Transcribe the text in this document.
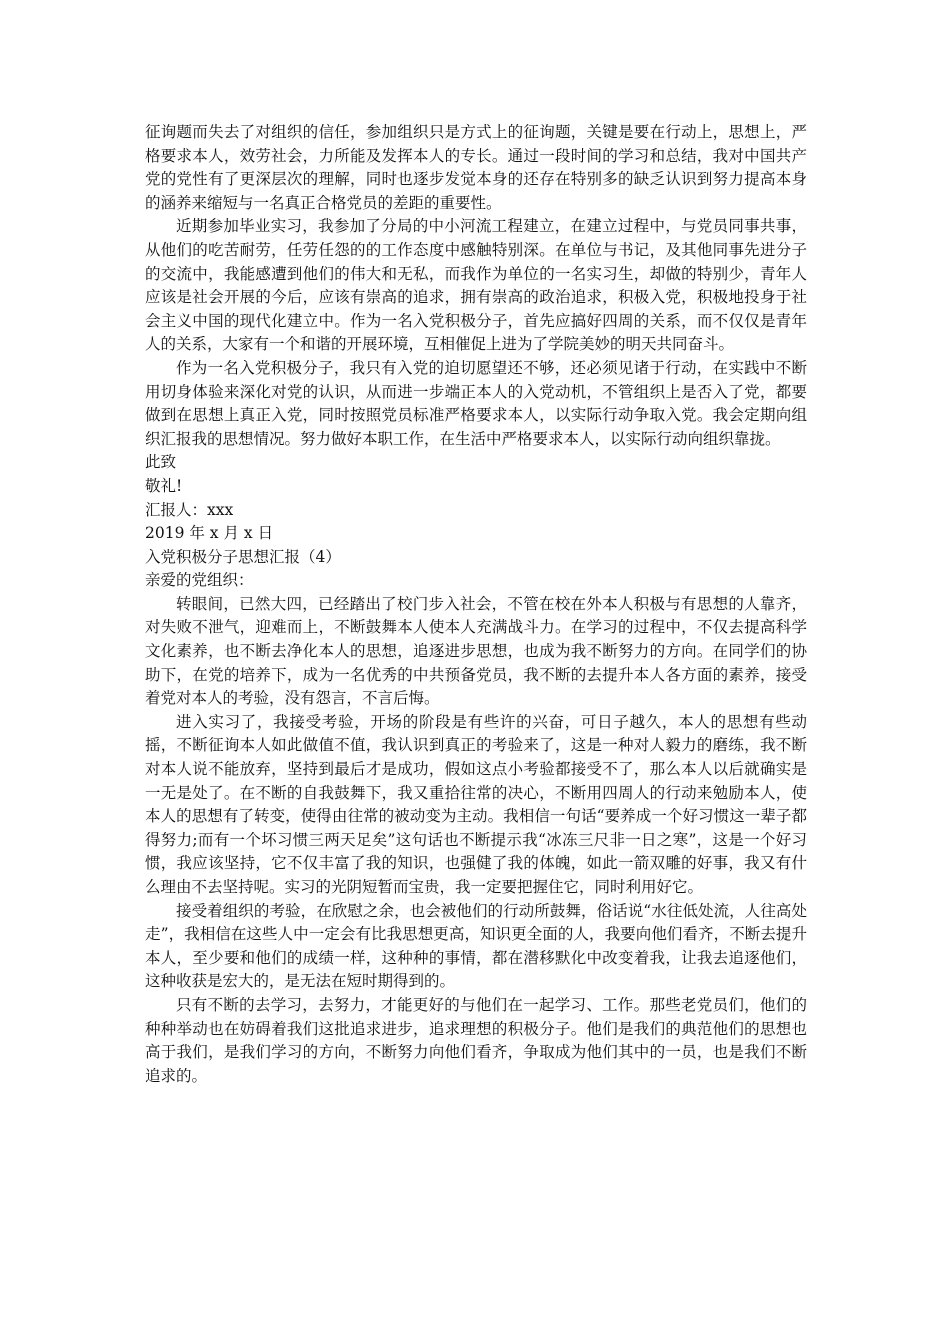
征询题而失去了对组织的信任，参加组织只是方式上的征询题，关键是要在行动上，思想上，严格要求本人，效劳社会，力所能及发挥本人的专长。通过一段时间的学习和总结，我对中国共产党的党性有了更深层次的理解，同时也逐步发觉本身的还存在特别多的缺乏认识到努力提高本身的涵养来缩短与一名真正合格党员的差距的重要性。

近期参加毕业实习，我参加了分局的中小河流工程建立，在建立过程中，与党员同事共事，从他们的吃苦耐劳，任劳任怨的的工作态度中感触特别深。在单位与书记，及其他同事先进分子的交流中，我能感遭到他们的伟大和无私，而我作为单位的一名实习生，却做的特别少，青年人应该是社会开展的今后，应该有崇高的追求，拥有崇高的政治追求，积极入党，积极地投身于社会主义中国的现代化建立中。作为一名入党积极分子，首先应搞好四周的关系，而不仅仅是青年人的关系，大家有一个和谐的开展环境，互相催促上进为了学院美妙的明天共同奋斗。

作为一名入党积极分子，我只有入党的迫切愿望还不够，还必须见诸于行动，在实践中不断用切身体验来深化对党的认识，从而进一步端正本人的入党动机，不管组织上是否入了党，都要做到在思想上真正入党，同时按照党员标准严格要求本人，以实际行动争取入党。我会定期向组织汇报我的思想情况。努力做好本职工作，在生活中严格要求本人，以实际行动向组织靠拢。

此致

敬礼!

汇报人：xxx

2019 年 x 月 x 日

入党积极分子思想汇报（4）

亲爱的党组织：

转眼间，已然大四，已经踏出了校门步入社会，不管在校在外本人积极与有思想的人靠齐，对失败不泄气，迎难而上，不断鼓舞本人使本人充满战斗力。在学习的过程中，不仅去提高科学文化素养，也不断去净化本人的思想，追逐进步思想，也成为我不断努力的方向。在同学们的协助下，在党的培养下，成为一名优秀的中共预备党员，我不断的去提升本人各方面的素养，接受着党对本人的考验，没有怨言，不言后悔。

进入实习了，我接受考验，开场的阶段是有些许的兴奋，可日子越久，本人的思想有些动摇，不断征询本人如此做值不值，我认识到真正的考验来了，这是一种对人毅力的磨练，我不断对本人说不能放弃，坚持到最后才是成功，假如这点小考验都接受不了，那么本人以后就确实是一无是处了。在不断的自我鼓舞下，我又重拾往常的决心，不断用四周人的行动来勉励本人，使本人的思想有了转变，使得由往常的被动变为主动。我相信一句话“要养成一个好习惯这一辈子都得努力;而有一个坏习惯三两天足矣”这句话也不断提示我“冰冻三尺非一日之寒”，这是一个好习惯，我应该坚持，它不仅丰富了我的知识，也强健了我的体魄，如此一箭双雕的好事，我又有什么理由不去坚持呢。实习的光阴短暂而宝贵，我一定要把握住它，同时利用好它。

接受着组织的考验，在欣慰之余，也会被他们的行动所鼓舞，俗话说“水往低处流，人往高处走”，我相信在这些人中一定会有比我思想更高，知识更全面的人，我要向他们看齐，不断去提升本人，至少要和他们的成绩一样，这种种的事情，都在潜移默化中改变着我，让我去追逐他们，这种收获是宏大的，是无法在短时期得到的。

只有不断的去学习，去努力，才能更好的与他们在一起学习、工作。那些老党员们，他们的种种举动也在妨碍着我们这批追求进步，追求理想的积极分子。他们是我们的典范他们的思想也高于我们，是我们学习的方向，不断努力向他们看齐，争取成为他们其中的一员，也是我们不断追求的。
